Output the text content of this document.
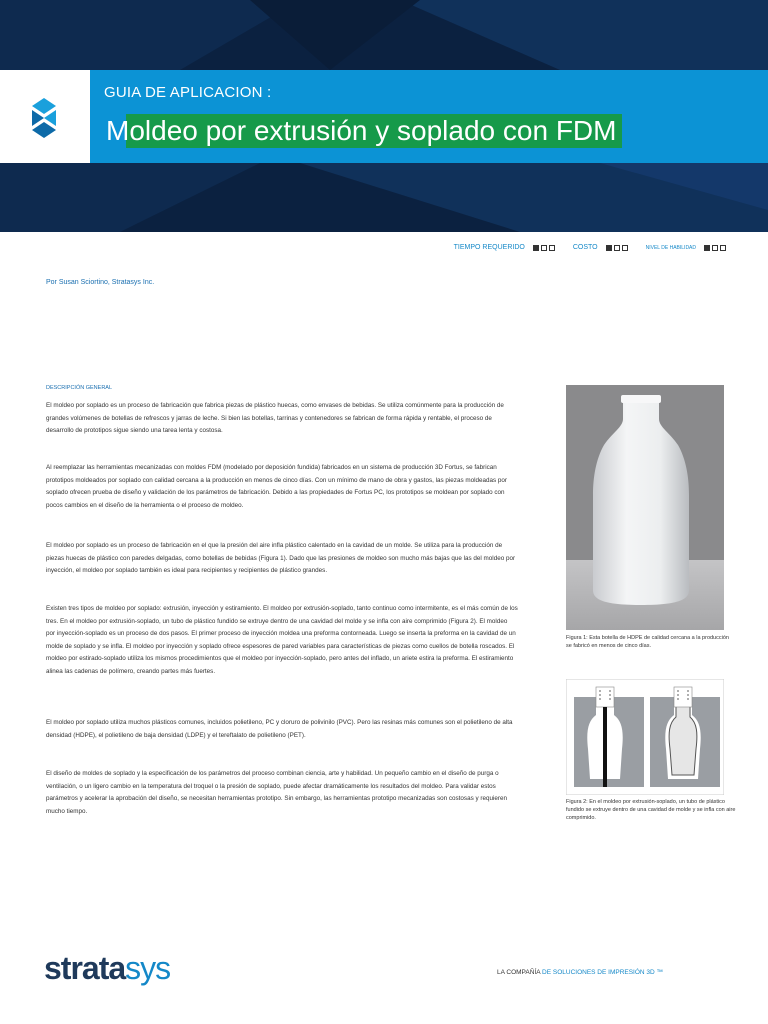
GUIA DE APLICACION :
Moldeo por extrusión y soplado con FDM
TIEMPO REQUERIDO	COSTO	NIVEL DE HABILIDAD
Por Susan Sciortino, Stratasys Inc.
DESCRIPCIÓN GENERAL

El moldeo por soplado es un proceso de fabricación que fabrica piezas de plástico huecas, como envases de bebidas. Se utiliza comúnmente para la producción de grandes volúmenes de botellas de refrescos y jarras de leche. Si bien las botellas, tarrinas y contenedores se fabrican de forma rápida y rentable, el proceso de desarrollo de prototipos sigue siendo una tarea lenta y costosa.

Al reemplazar las herramientas mecanizadas con moldes FDM (modelado por deposición fundida) fabricados en un sistema de producción 3D Fortus, se fabrican prototipos moldeados por soplado con calidad cercana a la producción en menos de cinco días. Con un mínimo de mano de obra y gastos, las piezas moldeadas por soplado ofrecen prueba de diseño y validación de los parámetros de fabricación. Debido a las propiedades de Fortus PC, los prototipos se moldean por soplado con pocos cambios en el diseño de la herramienta o el proceso de moldeo.

El moldeo por soplado es un proceso de fabricación en el que la presión del aire infla plástico calentado en la cavidad de un molde. Se utiliza para la producción de piezas huecas de plástico con paredes delgadas, como botellas de bebidas (Figura 1). Dado que las presiones de moldeo son mucho más bajas que las del moldeo por inyección, el moldeo por soplado también es ideal para recipientes y recipientes de plástico grandes.

Existen tres tipos de moldeo por soplado: extrusión, inyección y estiramiento. El moldeo por extrusión-soplado, tanto continuo como intermitente, es el más común de los tres. En el moldeo por extrusión-soplado, un tubo de plástico fundido se extruye dentro de una cavidad del molde y se infla con aire comprimido (Figura 2). El moldeo por inyección-soplado es un proceso de dos pasos. El primer proceso de inyección moldea una preforma contorneada. Luego se inserta la preforma en la cavidad de un molde de soplado y se infla. El moldeo por inyección y soplado ofrece espesores de pared variables para características de piezas como cuellos de botella roscados. El moldeo por estirado-soplado utiliza los mismos procedimientos que el moldeo por inyección-soplado, pero antes del inflado, un ariete estira la preforma. El estiramiento alinea las cadenas de polímero, creando partes más fuertes.

El moldeo por soplado utiliza muchos plásticos comunes, incluidos polietileno, PC y cloruro de polivinilo (PVC). Pero las resinas más comunes son el polietileno de alta densidad (HDPE), el polietileno de baja densidad (LDPE) y el tereftalato de polietileno (PET).

El diseño de moldes de soplado y la especificación de los parámetros del proceso combinan ciencia, arte y habilidad. Un pequeño cambio en el diseño de purga o ventilación, o un ligero cambio en la temperatura del troquel o la presión de soplado, puede afectar dramáticamente los resultados del moldeo. Para validar estos parámetros y acelerar la aprobación del diseño, se necesitan herramientas prototipo. Sin embargo, las herramientas prototipo mecanizadas son costosas y requieren mucho tiempo.

Figura 1: Esta botella de HDPE de calidad cercana a la producción se fabricó en menos de cinco días.
Figura 2: En el moldeo por extrusión-soplado, un tubo de plástico fundido se extruye dentro de una cavidad de molde y se infla con aire comprimido.
stratasys	LA COMPAÑÍA DE SOLUCIONES DE IMPRESIÓN 3D ™
